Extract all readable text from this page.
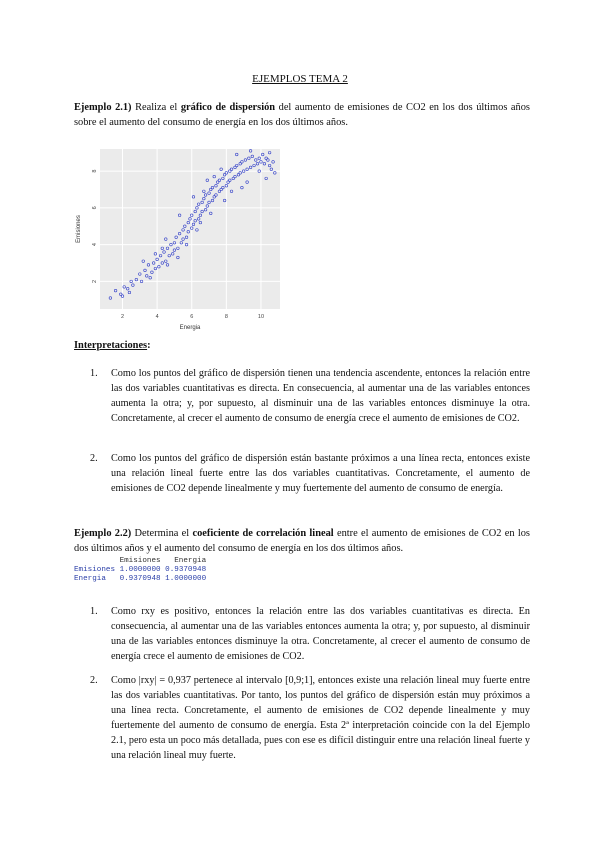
EJEMPLOS TEMA 2

Ejemplo 2.1) Realiza el gráfico de dispersión del aumento de emisiones de CO2 en los dos últimos años sobre el aumento del consumo de energía en los dos últimos años.

2	4	6	8	10
2
4
6
8
Energia
Emisiones

Interpretaciones:

1.	Como los puntos del gráfico de dispersión tienen una tendencia ascendente, entonces la relación entre las dos variables cuantitativas es directa. En consecuencia, al aumentar una de las variables entonces aumenta la otra; y, por supuesto, al disminuir una de las variables entonces disminuye la otra. Concretamente, al crecer el aumento de consumo de energía crece el aumento de emisiones de CO2.
2.	Como los puntos del gráfico de dispersión están bastante próximos a una línea recta, entonces existe una relación lineal fuerte entre las dos variables cuantitativas. Concretamente, el aumento de emisiones de CO2 depende linealmente y muy fuertemente del aumento de consumo de energía.

Ejemplo 2.2) Determina el coeficiente de correlación lineal entre el aumento de emisiones de CO2 en los dos últimos años y el aumento del consumo de energía en los dos últimos años.

Emisiones   Energia
Emisiones 1.0000000 0.9370948
Energia   0.9370948 1.0000000
1.	Como rxy es positivo, entonces la relación entre las dos variables cuantitativas es directa. En consecuencia, al aumentar una de las variables entonces aumenta la otra; y, por supuesto, al disminuir una de las variables entonces disminuye la otra. Concretamente, al crecer el aumento de consumo de energía crece el aumento de emisiones de CO2.
2.	Como |rxy| = 0,937 pertenece al intervalo [0,9;1], entonces existe una relación lineal muy fuerte entre las dos variables cuantitativas. Por tanto, los puntos del gráfico de dispersión están muy próximos a una línea recta. Concretamente, el aumento de emisiones de CO2 depende linealmente y muy fuertemente del aumento de consumo de energía. Esta 2ª interpretación coincide con la del Ejemplo 2.1, pero esta un poco más detallada, pues con ese es difícil distinguir entre una relación lineal fuerte y una relación lineal muy fuerte.
